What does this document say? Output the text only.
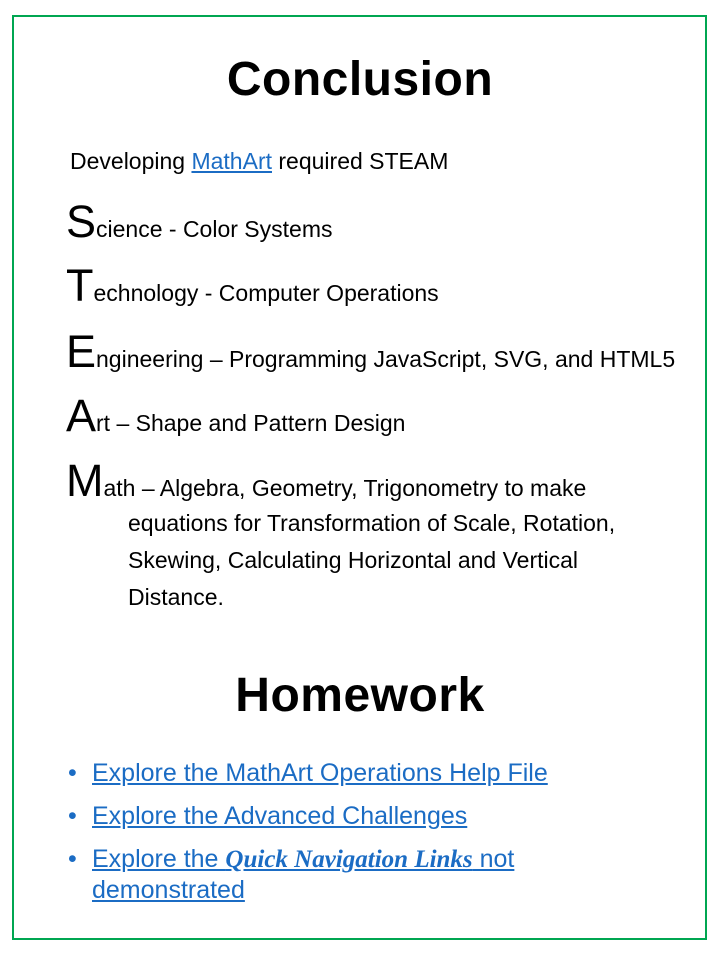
Conclusion

Developing MathArt required STEAM

Science - Color Systems
Technology - Computer Operations
Engineering – Programming JavaScript, SVG, and HTML5
Art – Shape and Pattern Design
Math – Algebra, Geometry, Trigonometry to make
equations for Transformation of Scale, Rotation,
Skewing, Calculating Horizontal and Vertical
Distance.
Homework
• Explore the MathArt Operations Help File
• Explore the Advanced Challenges
• Explore the Quick Navigation Links not demonstrated
